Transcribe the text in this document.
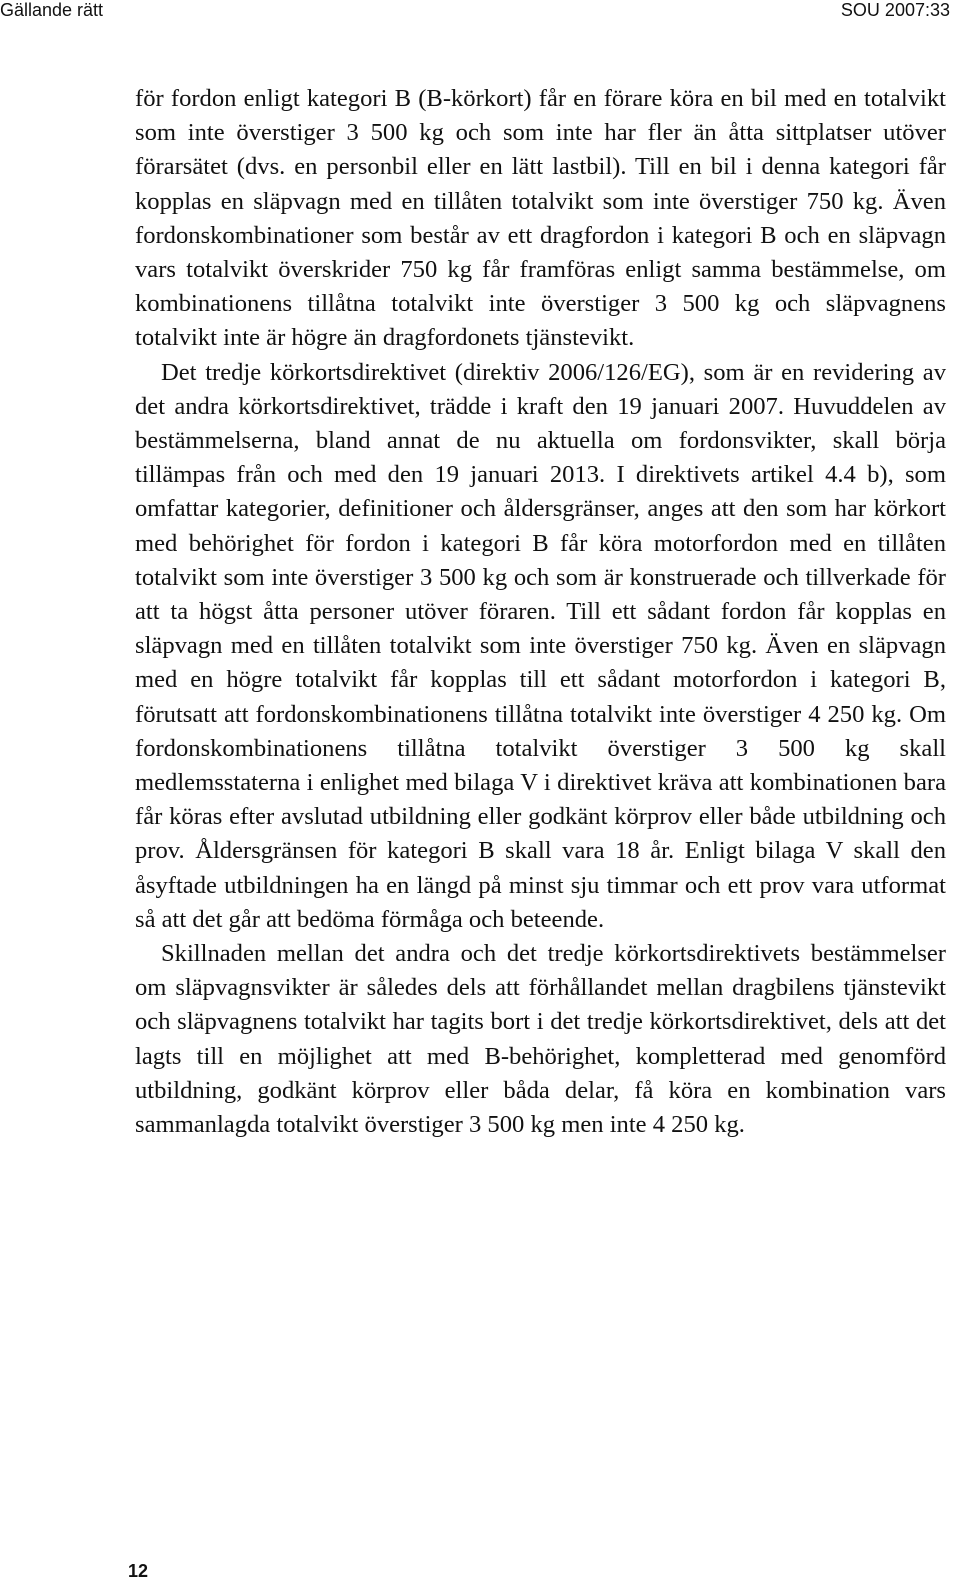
Gällande rätt	SOU 2007:33

för fordon enligt kategori B (B-körkort) får en förare köra en bil med en totalvikt som inte överstiger 3 500 kg och som inte har fler än åtta sittplatser utöver förarsätet (dvs. en personbil eller en lätt lastbil). Till en bil i denna kategori får kopplas en släpvagn med en tillåten totalvikt som inte överstiger 750 kg. Även fordonskombinationer som består av ett dragfordon i kategori B och en släpvagn vars totalvikt överskrider 750 kg får framföras enligt samma bestämmelse, om kombinationens tillåtna totalvikt inte överstiger 3 500 kg och släpvagnens totalvikt inte är högre än dragfordonets tjänstevikt.

Det tredje körkortsdirektivet (direktiv 2006/126/EG), som är en revidering av det andra körkortsdirektivet, trädde i kraft den 19 januari 2007. Huvuddelen av bestämmelserna, bland annat de nu aktuella om fordonsvikter, skall börja tillämpas från och med den 19 januari 2013. I direktivets artikel 4.4 b), som omfattar kategorier, definitioner och åldersgränser, anges att den som har körkort med behörighet för fordon i kategori B får köra motorfordon med en tillåten totalvikt som inte överstiger 3 500 kg och som är konstruerade och tillverkade för att ta högst åtta personer utöver föraren. Till ett sådant fordon får kopplas en släpvagn med en tillåten totalvikt som inte överstiger 750 kg. Även en släpvagn med en högre totalvikt får kopplas till ett sådant motorfordon i kategori B, förutsatt att fordonskombinationens tillåtna totalvikt inte överstiger 4 250 kg. Om fordonskombinationens tillåtna totalvikt överstiger 3 500 kg skall medlemsstaterna i enlighet med bilaga V i direktivet kräva att kombinationen bara får köras efter avslutad utbildning eller godkänt körprov eller både utbildning och prov. Åldersgränsen för kategori B skall vara 18 år. Enligt bilaga V skall den åsyftade utbildningen ha en längd på minst sju timmar och ett prov vara utformat så att det går att bedöma förmåga och beteende.

Skillnaden mellan det andra och det tredje körkortsdirektivets bestämmelser om släpvagnsvikter är således dels att förhållandet mellan dragbilens tjänstevikt och släpvagnens totalvikt har tagits bort i det tredje körkortsdirektivet, dels att det lagts till en möjlighet att med B-behörighet, kompletterad med genomförd utbildning, godkänt körprov eller båda delar, få köra en kombination vars sammanlagda totalvikt överstiger 3 500 kg men inte 4 250 kg.

12
